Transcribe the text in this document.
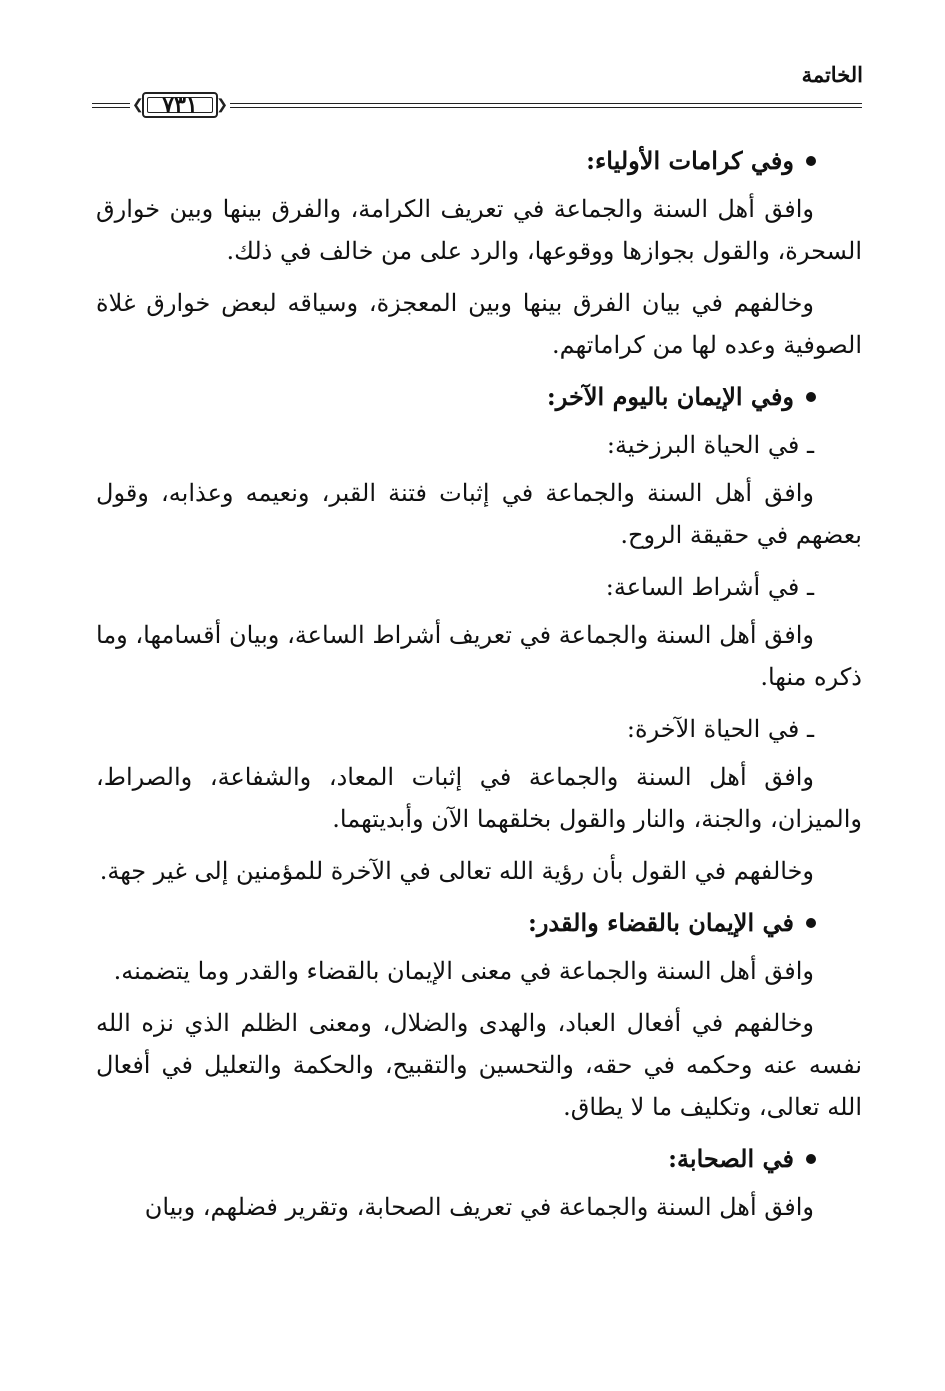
الخاتمة
❮ ٧٣١ ❯
وفي كرامات الأولياء:

وافق أهل السنة والجماعة في تعريف الكرامة، والفرق بينها وبين خوارق السحرة، والقول بجوازها ووقوعها، والرد على من خالف في ذلك.

وخالفهم في بيان الفرق بينها وبين المعجزة، وسياقه لبعض خوارق غلاة الصوفية وعده لها من كراماتهم.

وفي الإيمان باليوم الآخر:
ـ في الحياة البرزخية:

وافق أهل السنة والجماعة في إثبات فتنة القبر، ونعيمه وعذابه، وقول بعضهم في حقيقة الروح.

ـ في أشراط الساعة:

وافق أهل السنة والجماعة في تعريف أشراط الساعة، وبيان أقسامها، وما ذكره منها.

ـ في الحياة الآخرة:

وافق أهل السنة والجماعة في إثبات المعاد، والشفاعة، والصراط، والميزان، والجنة، والنار والقول بخلقهما الآن وأبديتهما.

وخالفهم في القول بأن رؤية الله تعالى في الآخرة للمؤمنين إلى غير جهة.

في الإيمان بالقضاء والقدر:

وافق أهل السنة والجماعة في معنى الإيمان بالقضاء والقدر وما يتضمنه.

وخالفهم في أفعال العباد، والهدى والضلال، ومعنى الظلم الذي نزه الله نفسه عنه وحكمه في حقه، والتحسين والتقبيح، والحكمة والتعليل في أفعال الله تعالى، وتكليف ما لا يطاق.

في الصحابة:

وافق أهل السنة والجماعة في تعريف الصحابة، وتقرير فضلهم، وبيان
